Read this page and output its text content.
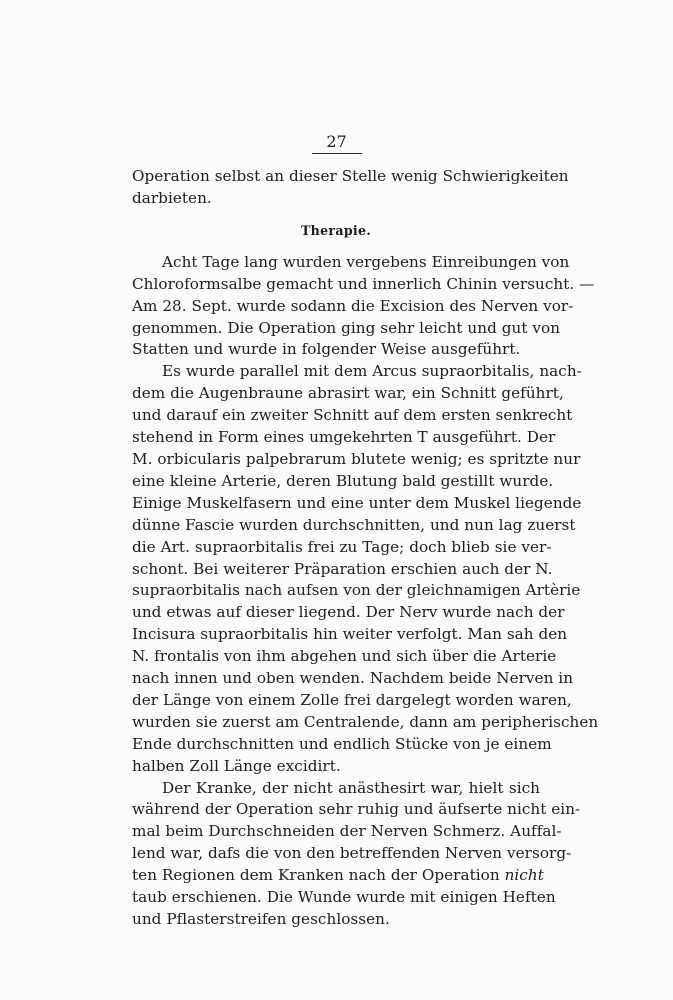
27
Operation selbst an dieser Stelle wenig Schwierigkeiten
darbieten.
Therapie.
Acht Tage lang wurden vergebens Einreibungen von
Chloroformsalbe gemacht und innerlich Chinin versucht. —
Am 28. Sept. wurde sodann die Excision des Nerven vor-
genommen. Die Operation ging sehr leicht und gut von
Statten und wurde in folgender Weise ausgeführt.
Es wurde parallel mit dem Arcus supraorbitalis, nach-
dem die Augenbraune abrasirt war, ein Schnitt geführt,
und darauf ein zweiter Schnitt auf dem ersten senkrecht
stehend in Form eines umgekehrten T ausgeführt. Der
M. orbicularis palpebrarum blutete wenig; es spritzte nur
eine kleine Arterie, deren Blutung bald gestillt wurde.
Einige Muskelfasern und eine unter dem Muskel liegende
dünne Fascie wurden durchschnitten, und nun lag zuerst
die Art. supraorbitalis frei zu Tage; doch blieb sie ver-
schont. Bei weiterer Präparation erschien auch der N.
supraorbitalis nach aufsen von der gleichnamigen Artèrie
und etwas auf dieser liegend. Der Nerv wurde nach der
Incisura supraorbitalis hin weiter verfolgt. Man sah den
N. frontalis von ihm abgehen und sich über die Arterie
nach innen und oben wenden. Nachdem beide Nerven in
der Länge von einem Zolle frei dargelegt worden waren,
wurden sie zuerst am Centralende, dann am peripherischen
Ende durchschnitten und endlich Stücke von je einem
halben Zoll Länge excidirt.
Der Kranke, der nicht anästhesirt war, hielt sich
während der Operation sehr ruhig und äufserte nicht ein-
mal beim Durchschneiden der Nerven Schmerz. Auffal-
lend war, dafs die von den betreffenden Nerven versorg-
ten Regionen dem Kranken nach der Operation nicht
taub erschienen. Die Wunde wurde mit einigen Heften
und Pflasterstreifen geschlossen.
